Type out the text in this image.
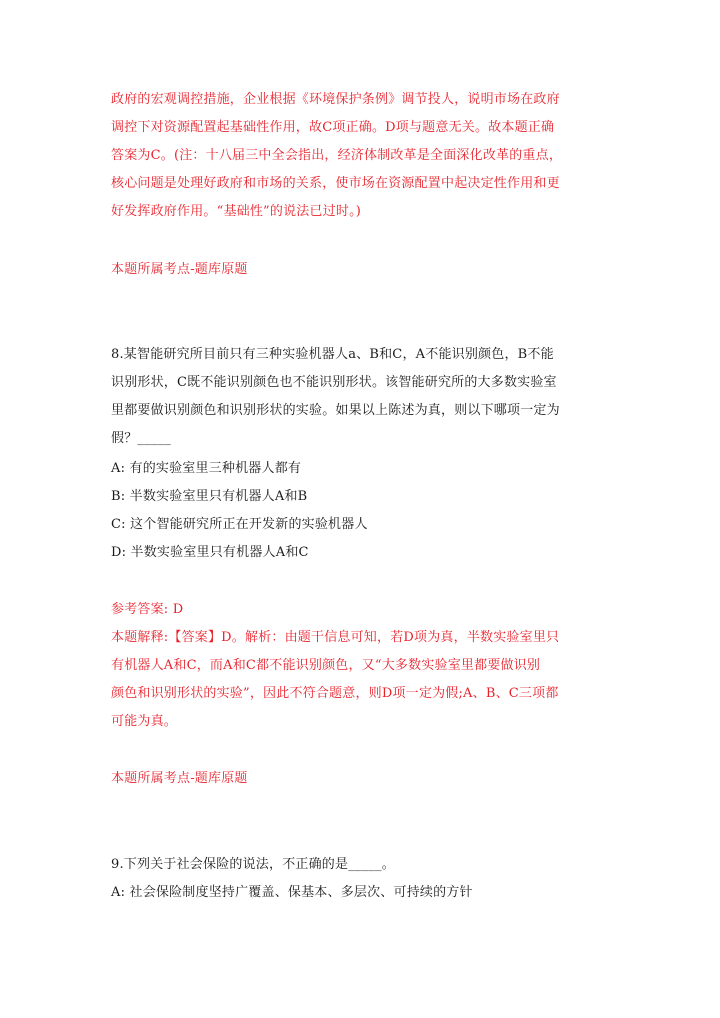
政府的宏观调控措施，企业根据《环境保护条例》调节投人，说明市场在政府
调控下对资源配置起基础性作用，故C项正确。D项与题意无关。故本题正确
答案为C。(注：十八届三中全会指出，经济体制改革是全面深化改革的重点，
核心问题是处理好政府和市场的关系，使市场在资源配置中起决定性作用和更
好发挥政府作用。“基础性”的说法已过时。)
本题所属考点-题库原题
8.某智能研究所目前只有三种实验机器人a、B和C，A不能识别颜色，B不能
识别形状，C既不能识别颜色也不能识别形状。该智能研究所的大多数实验室
里都要做识别颜色和识别形状的实验。如果以上陈述为真，则以下哪项一定为
假？_____
A: 有的实验室里三种机器人都有
B: 半数实验室里只有机器人A和B
C: 这个智能研究所正在开发新的实验机器人
D: 半数实验室里只有机器人A和C
参考答案: D
本题解释:【答案】D。解析：由题干信息可知，若D项为真，半数实验室里只
有机器人A和C，而A和C都不能识别颜色，又“大多数实验室里都要做识别
颜色和识别形状的实验”，因此不符合题意，则D项一定为假;A、B、C三项都
可能为真。
本题所属考点-题库原题
9.下列关于社会保险的说法，不正确的是_____。
A: 社会保险制度坚持广覆盖、保基本、多层次、可持续的方针
